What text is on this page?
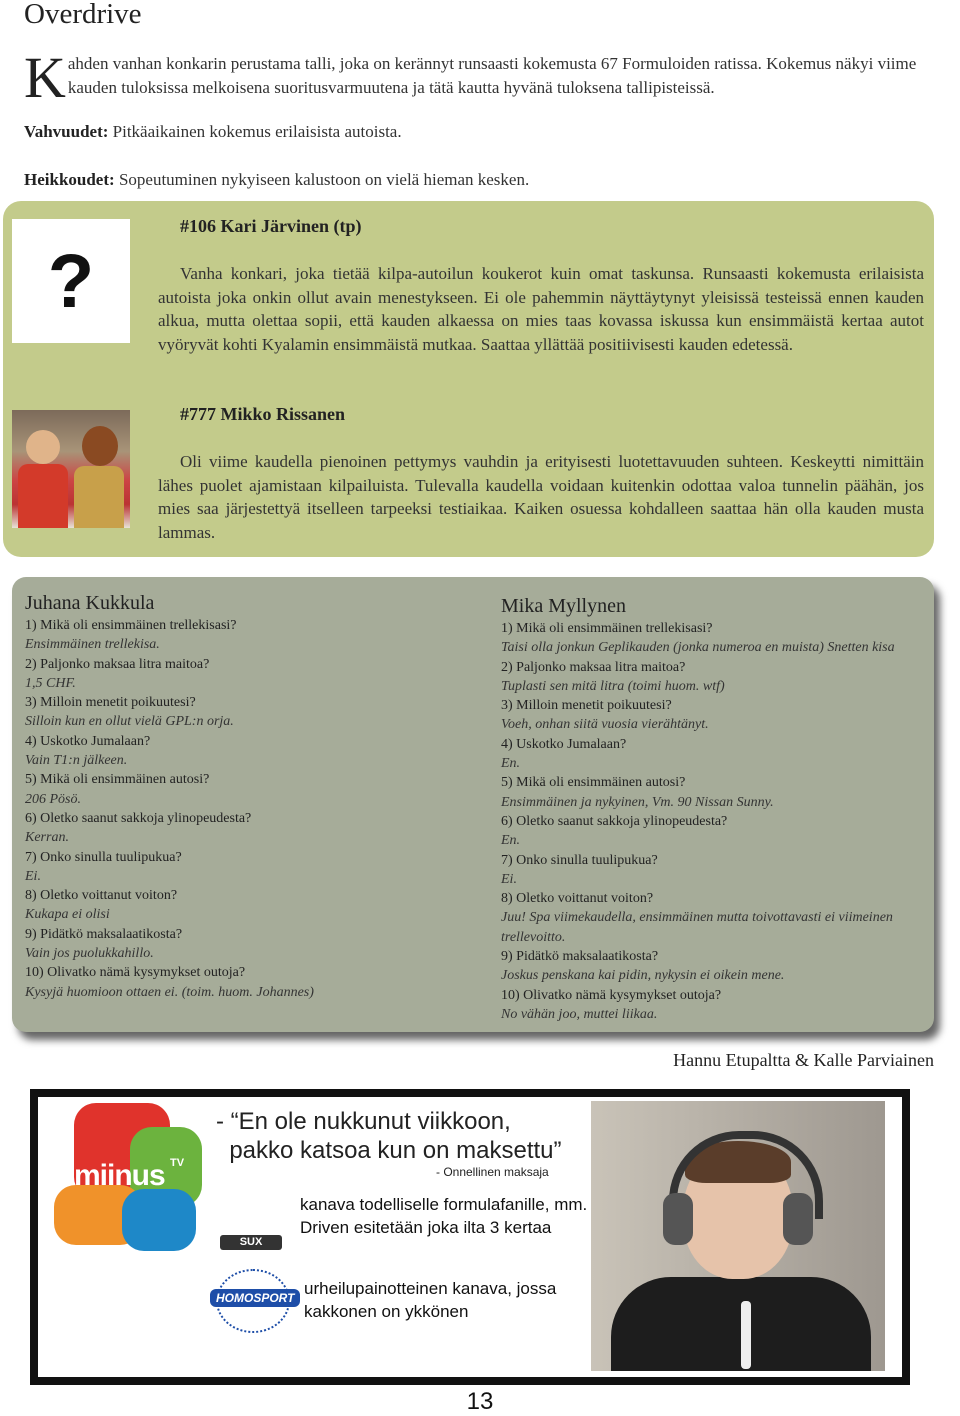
Overdrive
Kahden vanhan konkarin perustama talli, joka on kerännyt runsaasti kokemusta 67 Formuloiden ratissa. Kokemus näkyi viime kauden tuloksissa melkoisena suoritusvarmuutena ja tätä kautta hyvänä tuloksena tallipisteissä.
Vahvuudet: Pitkäaikainen kokemus erilaisista autoista.
Heikkoudet: Sopeutuminen nykyiseen kalustoon on vielä hieman kesken.
?
#106 Kari Järvinen (tp)
Vanha konkari, joka tietää kilpa-autoilun koukerot kuin omat taskunsa. Runsaasti kokemusta erilaisista autoista joka onkin ollut avain menestykseen. Ei ole pahemmin näyttäytynyt yleisissä testeissä ennen kauden alkua, mutta olettaa sopii, että kauden alkaessa on mies taas kovassa iskussa kun ensimmäistä kertaa autot vyöryvät kohti Kyalamin ensimmäistä mutkaa. Saattaa yllättää positiivisesti kauden edetessä.
#777 Mikko Rissanen
Oli viime kaudella pienoinen pettymys vauhdin ja erityisesti luotettavuuden suhteen. Keskeytti nimittäin lähes puolet ajamistaan kilpailuista. Tulevalla kaudella voidaan kuitenkin odottaa valoa tunnelin päähän, jos mies saa järjestettyä itselleen tarpeeksi testiaikaa. Kaiken osuessa kohdalleen saattaa hän olla kauden musta lammas.
Juhana Kukkula
1) Mikä oli ensimmäinen trellekisasi?
Ensimmäinen trellekisa.
2) Paljonko maksaa litra maitoa?
1,5 CHF.
3) Milloin menetit poikuutesi?
Silloin kun en ollut vielä GPL:n orja.
4) Uskotko Jumalaan?
Vain T1:n jälkeen.
5) Mikä oli ensimmäinen autosi?
206 Pösö.
6) Oletko saanut sakkoja ylinopeudesta?
Kerran.
7) Onko sinulla tuulipukua?
Ei.
8) Oletko voittanut voiton?
Kukapa ei olisi
9) Pidätkö maksalaatikosta?
Vain jos puolukkahillo.
10) Olivatko nämä kysymykset outoja?
Kysyjä huomioon ottaen ei. (toim. huom. Johannes)
Mika Myllynen
1) Mikä oli ensimmäinen trellekisasi?
Taisi olla jonkun Geplikauden (jonka numeroa en muista) Snetten kisa
2) Paljonko maksaa litra maitoa?
Tuplasti sen mitä litra (toimi huom. wtf)
3) Milloin menetit poikuutesi?
Voeh, onhan siitä vuosia vierähtänyt.
4) Uskotko Jumalaan?
En.
5) Mikä oli ensimmäinen autosi?
Ensimmäinen ja nykyinen, Vm. 90 Nissan Sunny.
6) Oletko saanut sakkoja ylinopeudesta?
En.
7) Onko sinulla tuulipukua?
Ei.
8) Oletko voittanut voiton?
Juu! Spa viimekaudella, ensimmäinen mutta toivottavasti ei viimeinen trellevoitto.
9) Pidätkö maksalaatikosta?
Joskus penskana kai pidin, nykysin ei oikein mene.
10) Olivatko nämä kysymykset outoja?
No vähän joo, muttei liikaa.
Hannu Etupaltta & Kalle Parviainen
miinus TV
- “En ole nukkunut viikkoon,
pakko katsoa kun on maksettu”
- Onnellinen maksaja
SUX
kanava todelliselle formulafanille, mm. Driven esitetään joka ilta 3 kertaa
HOMOSPORT urheilupainotteinen kanava, jossa kakkonen on ykkönen
13
